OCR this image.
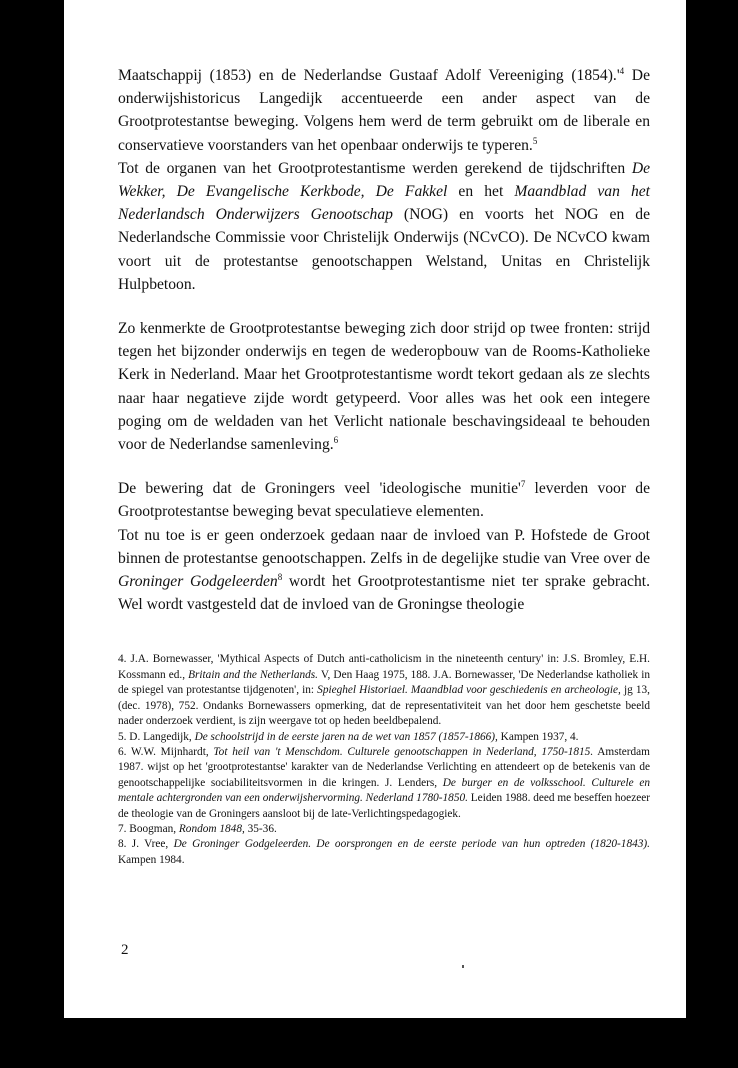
Maatschappij (1853) en de Nederlandse Gustaaf Adolf Vereeniging $(1854).'^4$ De onderwijshistoricus Langedijk accentueerde een ander aspect van de Grootprotestantse beweging. Volgens hem werd de term gebruikt om de liberale en conservatieve voorstanders van het openbaar onderwijs te typeren.$^5$

Tot de organen van het Grootprotestantisme werden gerekend de tijdschriften De Wekker, De Evangelische Kerkbode, De Fakkel en het Maandblad van het Nederlandsch Onderwijzers Genootschap (NOG) en voorts het NOG en de Nederlandsche Commissie voor Christelijk Onderwijs (NCvCO). De NCvCO kwam voort uit de protestantse genootschappen Welstand, Unitas en Christelijk Hulpbetoon.

Zo kenmerkte de Grootprotestantse beweging zich door strijd op twee fronten: strijd tegen het bijzonder onderwijs en tegen de wederopbouw van de Rooms-Katholieke Kerk in Nederland. Maar het Grootprotestantisme wordt tekort gedaan als ze slechts naar haar negatieve zijde wordt getypeerd. Voor alles was het ook een integere poging om de weldaden van het Verlicht nationale beschavingsideaal te behouden voor de Nederlandse samenleving.$^6$

De bewering dat de Groningers veel 'ideologische $munitie'^7$ leverden voor de Grootprotestantse beweging bevat speculatieve elementen.

Tot nu toe is er geen onderzoek gedaan naar de invloed van P. Hofstede de Groot binnen de protestantse genootschappen. Zelfs in de degelijke studie van Vree over de Groninger Godgeleerden$^8$ wordt het Grootprotestantisme niet ter sprake gebracht. Wel wordt vastgesteld dat de invloed van de Groningse theologie

4. J.A. Bornewasser, 'Mythical Aspects of Dutch anti-catholicism in the nineteenth century' in: J.S. Bromley, E.H. Kossmann ed., Britain and the Netherlands. V, Den Haag 1975, 188. J.A. Bornewasser, 'De Nederlandse katholiek in de spiegel van protestantse tijdgenoten', in: Spieghel Historiael. Maandblad voor geschiedenis en archeologie, jg 13, (dec. 1978), 752. Ondanks Bornewassers opmerking, dat de representativiteit van het door hem geschetste beeld nader onderzoek verdient, is zijn weergave tot op heden beeldbepalend.

5. D. Langedijk, De schoolstrijd in de eerste jaren na de wet van 1857 (1857-1866), Kampen 1937, 4.

6. W.W. Mijnhardt, Tot heil van 't Menschdom. Culturele genootschappen in Nederland, 1750-1815. Amsterdam 1987. wijst op het 'grootprotestantse' karakter van de Nederlandse Verlichting en attendeert op de betekenis van de genootschappelijke sociabiliteitsvormen in die kringen. J. Lenders, De burger en de volksschool. Culturele en mentale achtergronden van een onderwijshervorming. Nederland 1780-1850. Leiden 1988. deed me beseffen hoezeer de theologie van de Groningers aansloot bij de late-Verlichtingspedagogiek.

7. Boogman, Rondom 1848, 35-36.

8. J. Vree, De Groninger Godgeleerden. De oorsprongen en de eerste periode van hun optreden (1820-1843). Kampen 1984.

2
